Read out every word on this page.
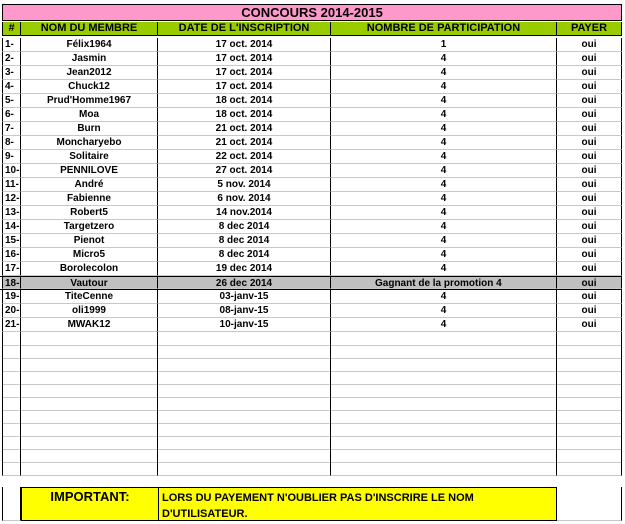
CONCOURS 2014-2015
#	NOM DU MEMBRE	DATE DE L'INSCRIPTION	NOMBRE DE PARTICIPATION	PAYER
1-	Félix1964	17 oct. 2014	1	oui
2-	Jasmin	17 oct. 2014	4	oui
3-	Jean2012	17 oct. 2014	4	oui
4-	Chuck12	17 oct. 2014	4	oui
5-	Prud'Homme1967	18 oct. 2014	4	oui
6-	Moa	18 oct. 2014	4	oui
7-	Burn	21 oct. 2014	4	oui
8-	Moncharyebo	21 oct. 2014	4	oui
9-	Solitaire	22 oct. 2014	4	oui
10-	PENNILOVE	27 oct. 2014	4	oui
11-	André	5 nov. 2014	4	oui
12-	Fabienne	6 nov. 2014	4	oui
13-	Robert5	14 nov.2014	4	oui
14-	Targetzero	8 dec 2014	4	oui
15-	Pienot	8 dec 2014	4	oui
16-	Micro5	8 dec 2014	4	oui
17-	Borolecolon	19 dec 2014	4	oui
18-	Vautour	26 dec 2014	Gagnant de la promotion 4	oui
19-	TiteCenne	03-janv-15	4	oui
20-	oli1999	08-janv-15	4	oui
21-	MWAK12	10-janv-15	4	oui
IMPORTANT:	LORS DU PAYEMENT N'OUBLIER PAS D'INSCRIRE LE NOM D'UTILISATEUR.
